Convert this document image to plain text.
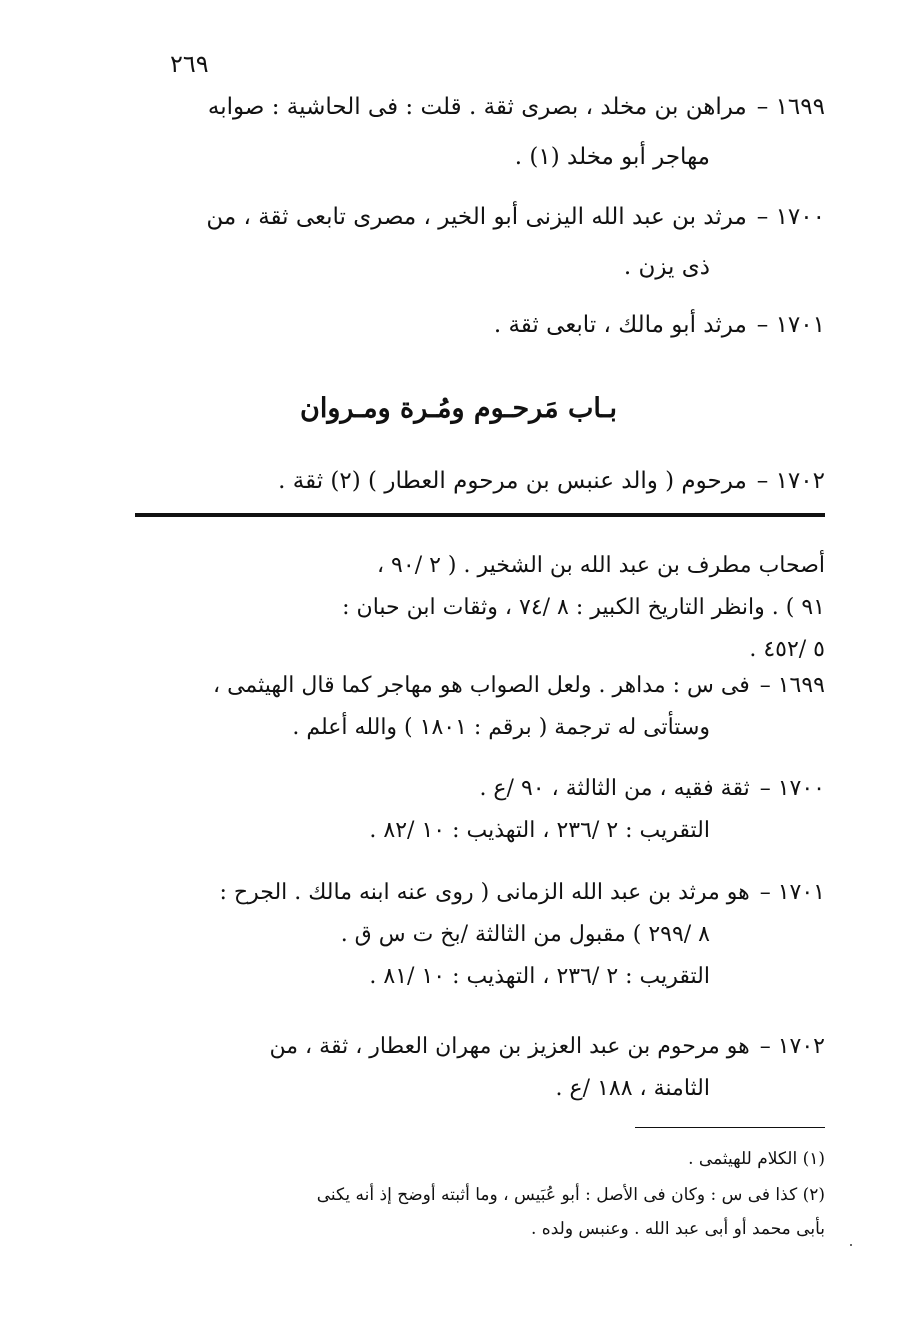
٢٦٩
١٦٩٩ –مراهن بن مخلد ، بصرى ثقة . قلت : فى الحاشية : صوابه
مهاجر أبو مخلد (١) .
١٧٠٠ –مرثد بن عبد الله اليزنى أبو الخير ، مصرى تابعى ثقة ، من
ذى يزن .
١٧٠١ –مرثد أبو مالك ، تابعى ثقة .
بـاب مَرحـوم ومُـرة ومـروان
١٧٠٢ –مرحوم ( والد عنبس بن مرحوم العطار ) (٢) ثقة .
أصحاب مطرف بن عبد الله بن الشخير . ( ٢ /٩٠ ،
٩١ ) . وانظر التاريخ الكبير : ٨ /٧٤ ، وثقات ابن حبان :
٥ /٤٥٢ .
١٦٩٩ –فى س : مداهر . ولعل الصواب هو مهاجر كما قال الهيثمى ،
وستأتى له ترجمة ( برقم : ١٨٠١ ) والله أعلم .
١٧٠٠ –ثقة فقيه ، من الثالثة ، ٩٠ /ع .
التقريب : ٢ /٢٣٦ ، التهذيب : ١٠ /٨٢ .
١٧٠١ –هو مرثد بن عبد الله الزمانى ( روى عنه ابنه مالك . الجرح :
٨ /٢٩٩ ) مقبول من الثالثة /بخ ت س ق .
التقريب : ٢ /٢٣٦ ، التهذيب : ١٠ /٨١ .
١٧٠٢ –هو مرحوم بن عبد العزيز بن مهران العطار ، ثقة ، من
الثامنة ، ١٨٨ /ع .
(١) الكلام للهيثمى .
(٢) كذا فى س : وكان فى الأصل : أبو عُبَيس ، وما أثبته أوضح إذ أنه يكنى
بأبى محمد أو أبى عبد الله . وعنبس ولده .
